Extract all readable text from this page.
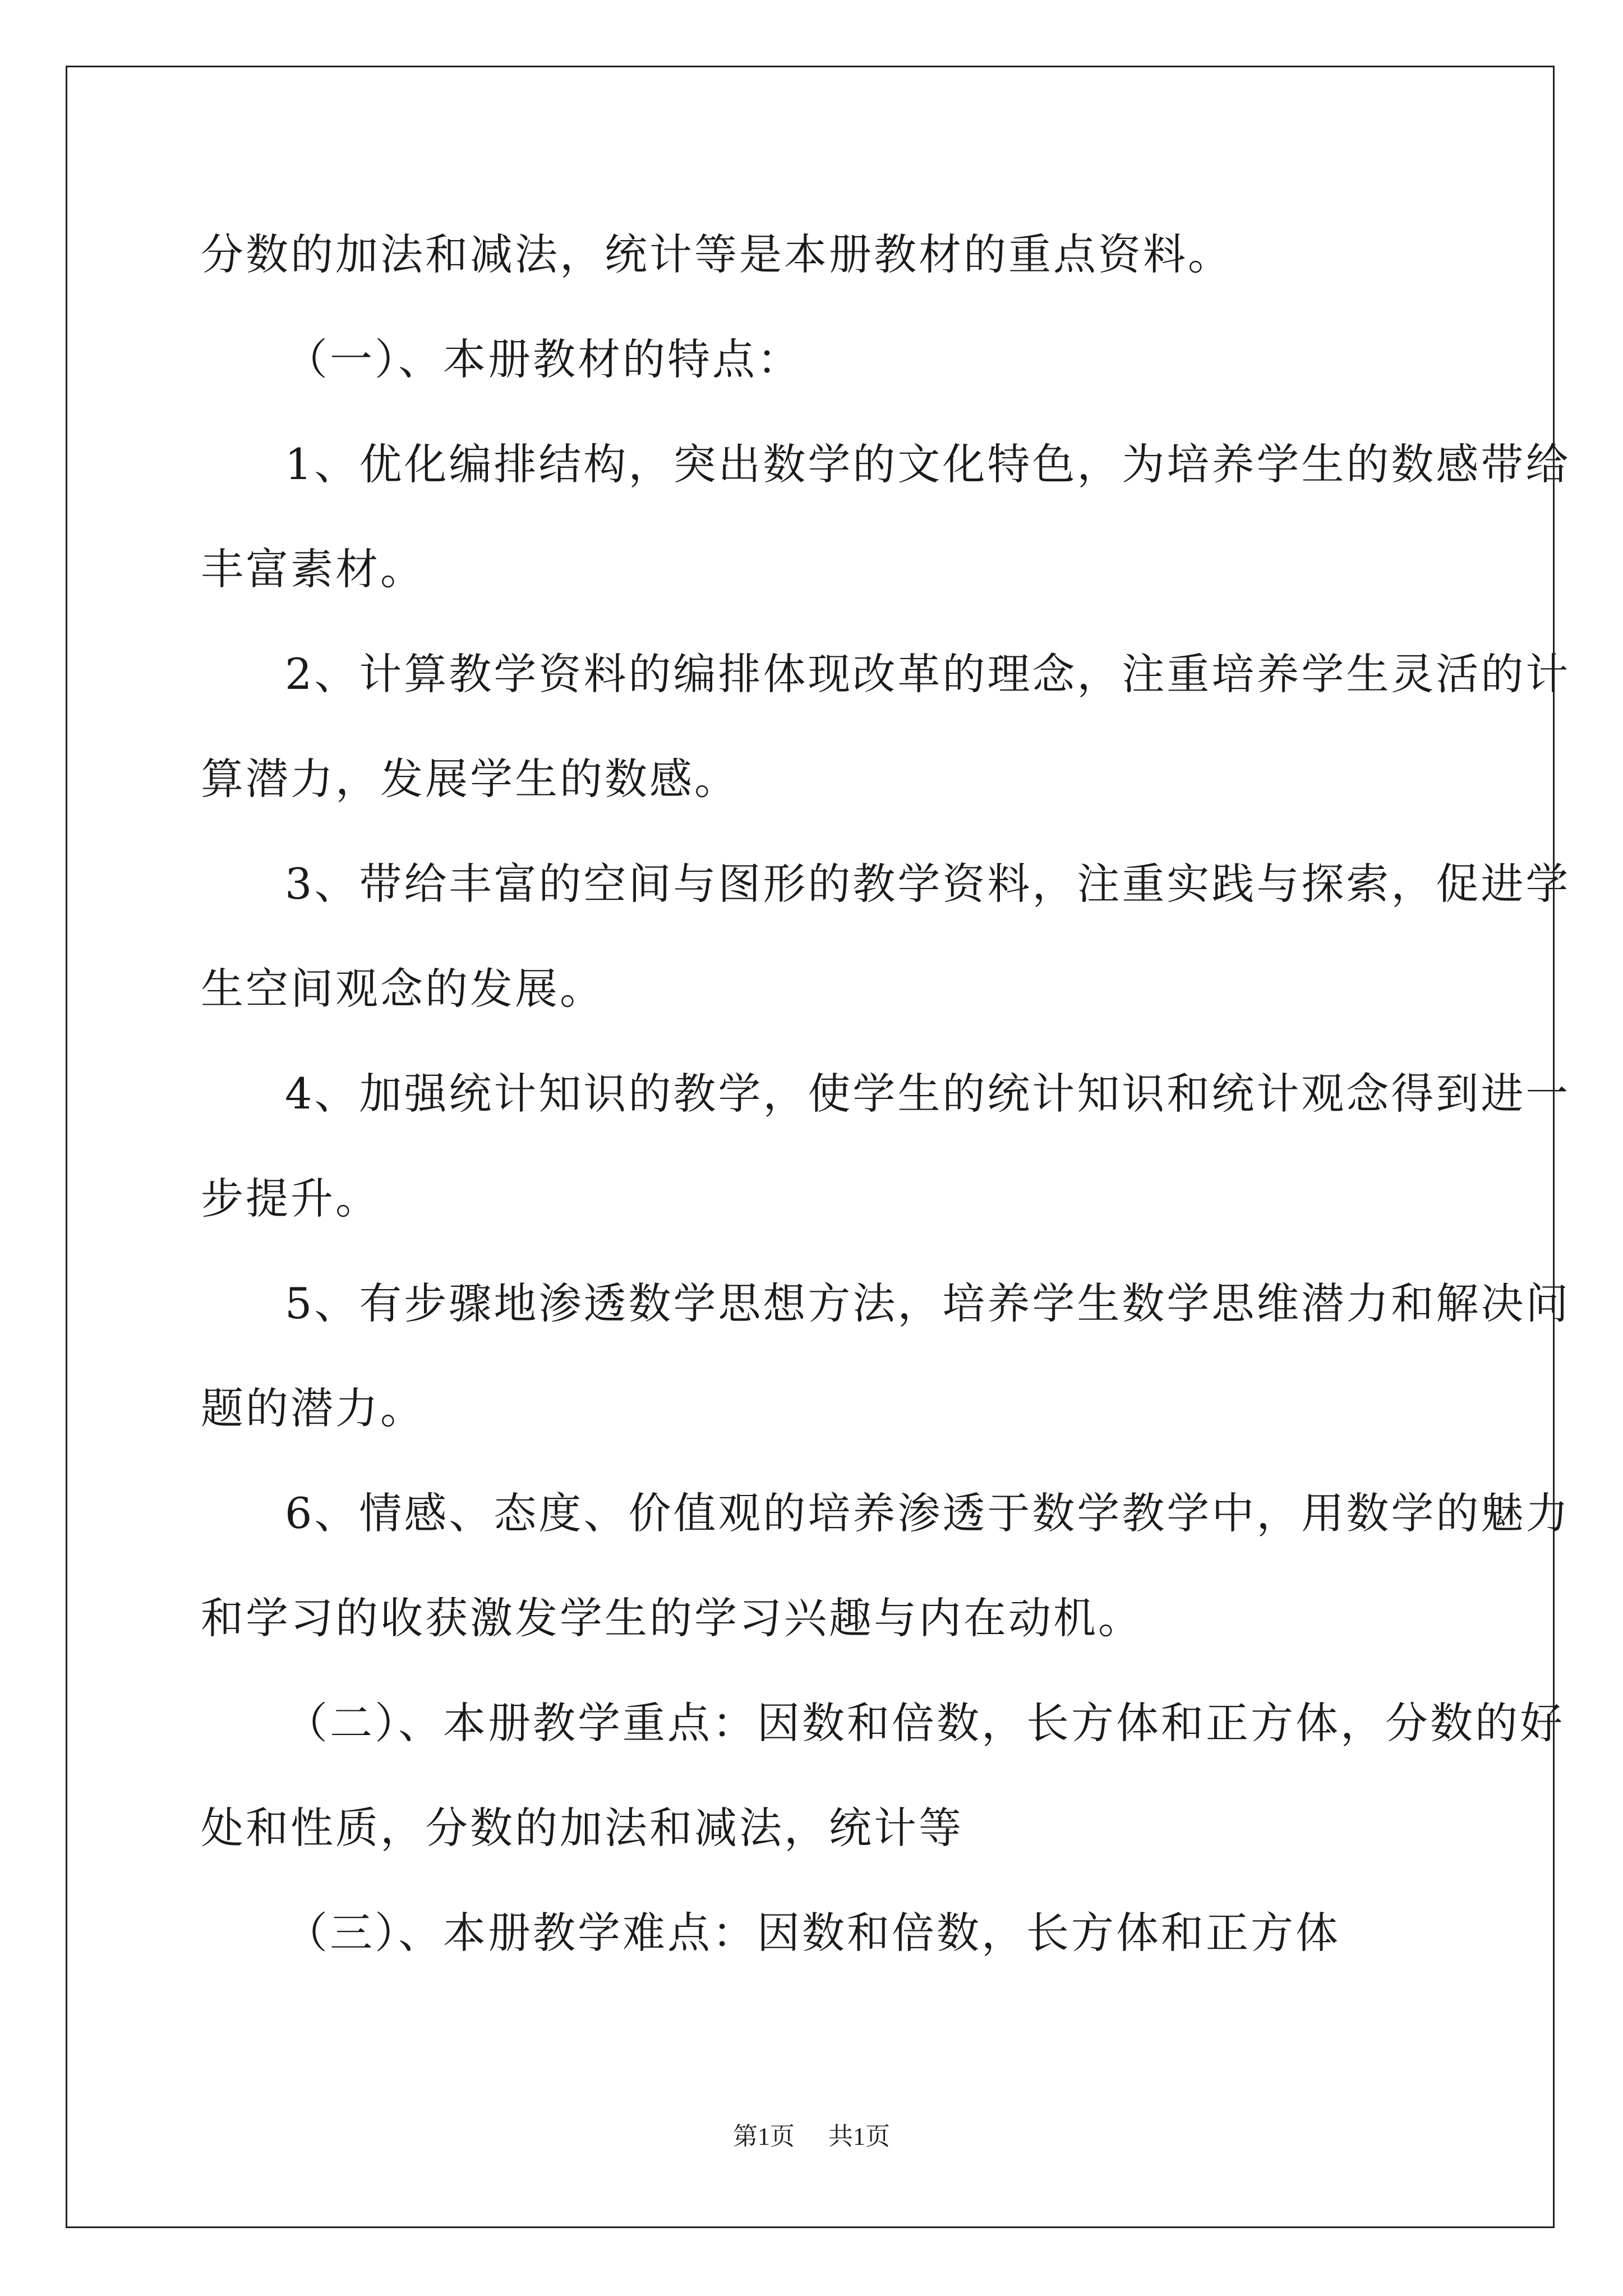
分数的加法和减法，统计等是本册教材的重点资料。
（一）、本册教材的特点：
1、优化编排结构，突出数学的文化特色，为培养学生的数感带给
丰富素材。
2、计算教学资料的编排体现改革的理念，注重培养学生灵活的计
算潜力，发展学生的数感。
3、带给丰富的空间与图形的教学资料，注重实践与探索，促进学
生空间观念的发展。
4、加强统计知识的教学，使学生的统计知识和统计观念得到进一
步提升。
5、有步骤地渗透数学思想方法，培养学生数学思维潜力和解决问
题的潜力。
6、情感、态度、价值观的培养渗透于数学教学中，用数学的魅力
和学习的收获激发学生的学习兴趣与内在动机。
（二）、本册教学重点：因数和倍数，长方体和正方体，分数的好
处和性质，分数的加法和减法，统计等
（三）、本册教学难点：因数和倍数，长方体和正方体
第1页 共1页
